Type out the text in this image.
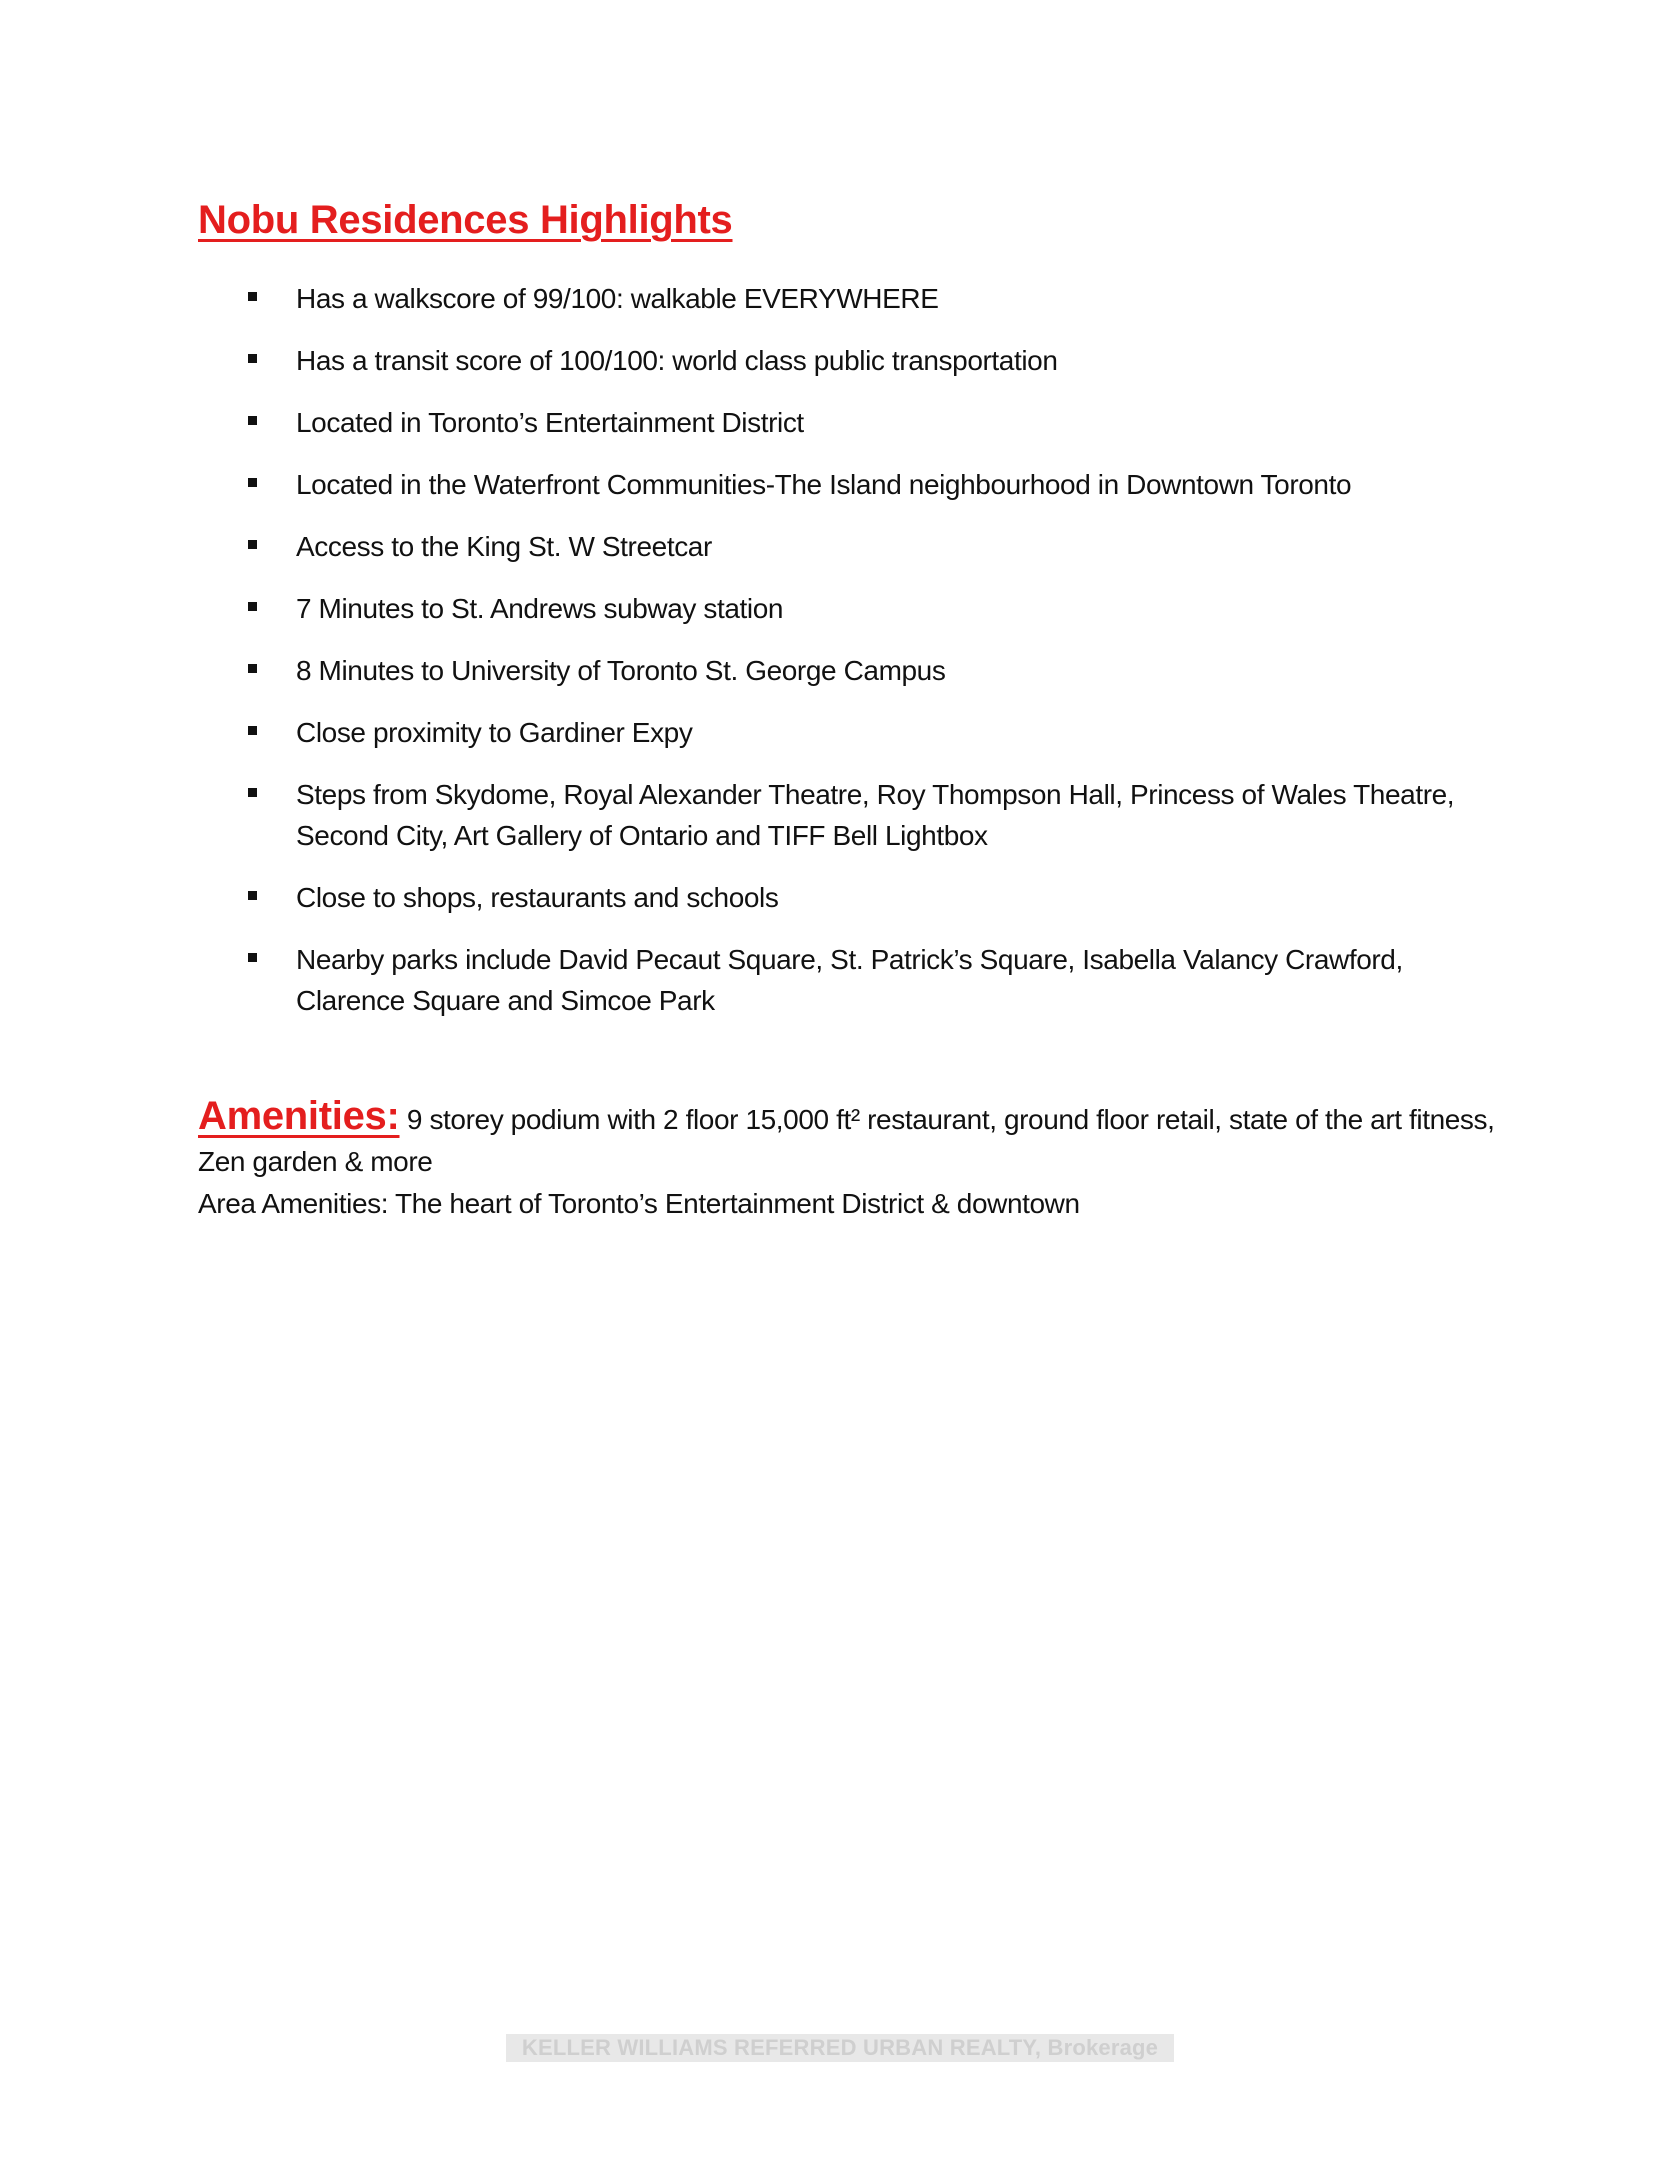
Nobu Residences Highlights
Has a walkscore of 99/100: walkable EVERYWHERE
Has a transit score of 100/100: world class public transportation
Located in Toronto’s Entertainment District
Located in the Waterfront Communities-The Island neighbourhood in Downtown Toronto
Access to the King St. W Streetcar
7 Minutes to St. Andrews subway station
8 Minutes to University of Toronto St. George Campus
Close proximity to Gardiner Expy
Steps from Skydome, Royal Alexander Theatre, Roy Thompson Hall, Princess of Wales Theatre, Second City, Art Gallery of Ontario and TIFF Bell Lightbox
Close to shops, restaurants and schools
Nearby parks include David Pecaut Square, St. Patrick’s Square, Isabella Valancy Crawford, Clarence Square and Simcoe Park

Amenities: 9 storey podium with 2 floor 15,000 ft² restaurant, ground floor retail, state of the art fitness, Zen garden & more
Area Amenities: The heart of Toronto’s Entertainment District & downtown

KELLER WILLIAMS REFERRED URBAN REALTY, Brokerage
